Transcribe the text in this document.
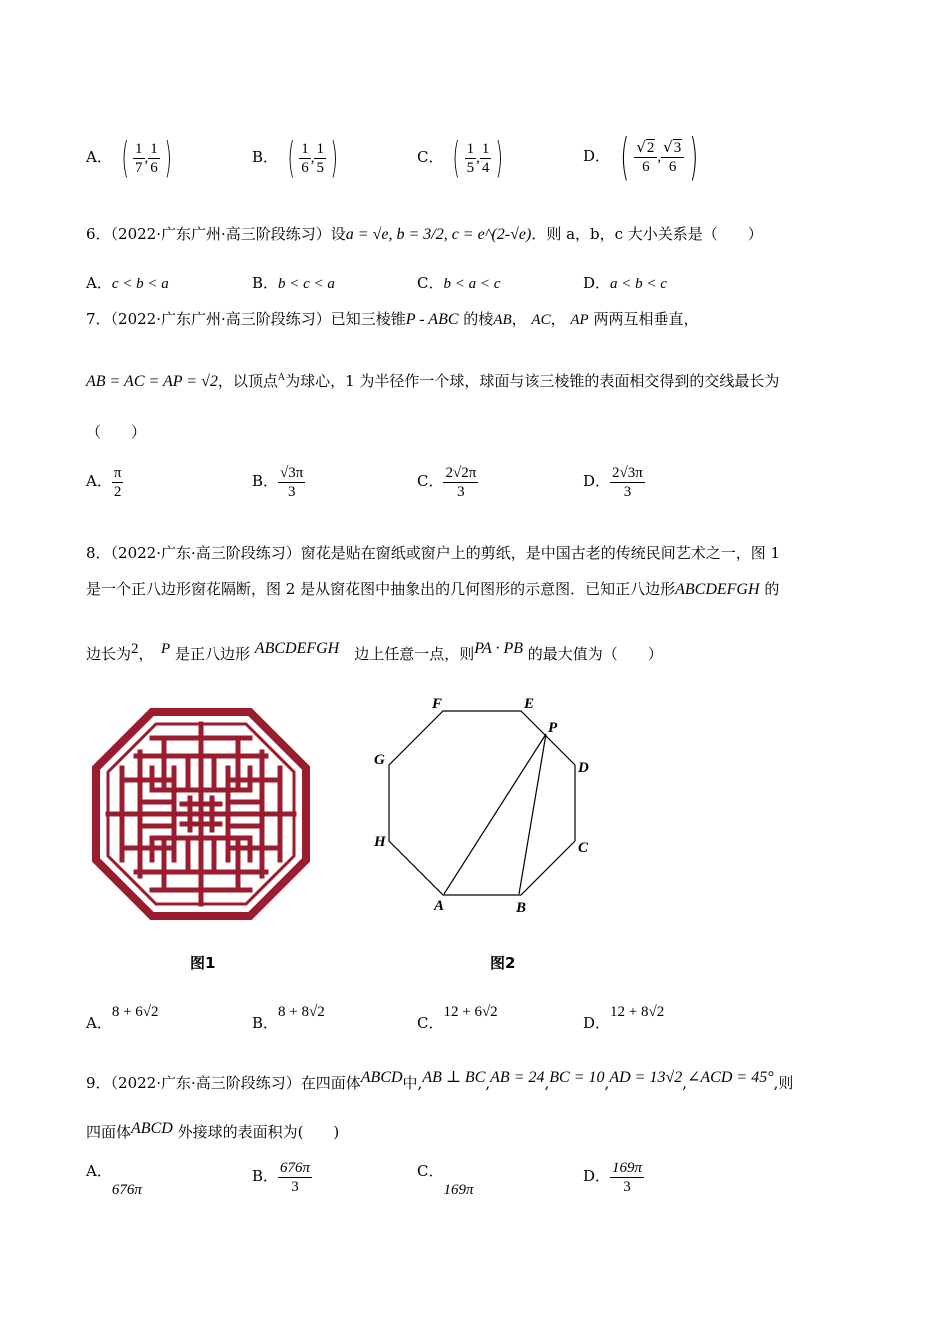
A． ( $\frac{1}{7}$ , $\frac{1}{6}$ )	B． ( $\frac{1}{6}$ , $\frac{1}{5}$ )	C． ( $\frac{1}{5}$ , $\frac{1}{4}$ )	D． ( $\frac{√2}{6}$ , $\frac{√3}{6}$ )
6．（2022·广东广州·高三阶段练习）设a = √e, b = 3/2, c = e^(2-√e)．则 a，b，c 大小关系是（　　）
A．c < b < a	B．b < c < a	C．b < a < c	D．a < b < c
7．（2022·广东广州·高三阶段练习）已知三棱锥P - ABC 的棱AB， AC， AP 两两互相垂直，
AB = AC = AP = √2，以顶点$^A$为球心，1 为半径作一个球，球面与该三棱锥的表面相交得到的交线最长为
（　　）
A． $\frac{\pi}{2}$	B． $\frac{√3\pi}{3}$	C． $\frac{2√2\pi}{3}$	D． $\frac{2√3\pi}{3}$
8．（2022·广东·高三阶段练习）窗花是贴在窗纸或窗户上的剪纸，是中国古老的传统民间艺术之一，图 1
是一个正八边形窗花隔断，图 2 是从窗花图中抽象出的几何图形的示意图．已知正八边形ABCDEFGH 的
边长为2，　 P 是正八边形 ABCDEFGH　 边上任意一点，则PA · PB 的最大值为（　　）
图1
F	E
P
D
G
H	C
A	B
图2
A．8 + 6√2
B．8 + 8√2
C．12 + 6√2
D．12 + 8√2
9．（2022·广东·高三阶段练习）在四面体ABCD中,AB ⊥ BC,AB = 24,BC = 10,AD = 13√2,∠ACD = 45°,则
四面体ABCD 外接球的表面积为(　　)
A．676π
B． $\frac{676\pi}{3}$	C．169π
D． $\frac{169\pi}{3}$
